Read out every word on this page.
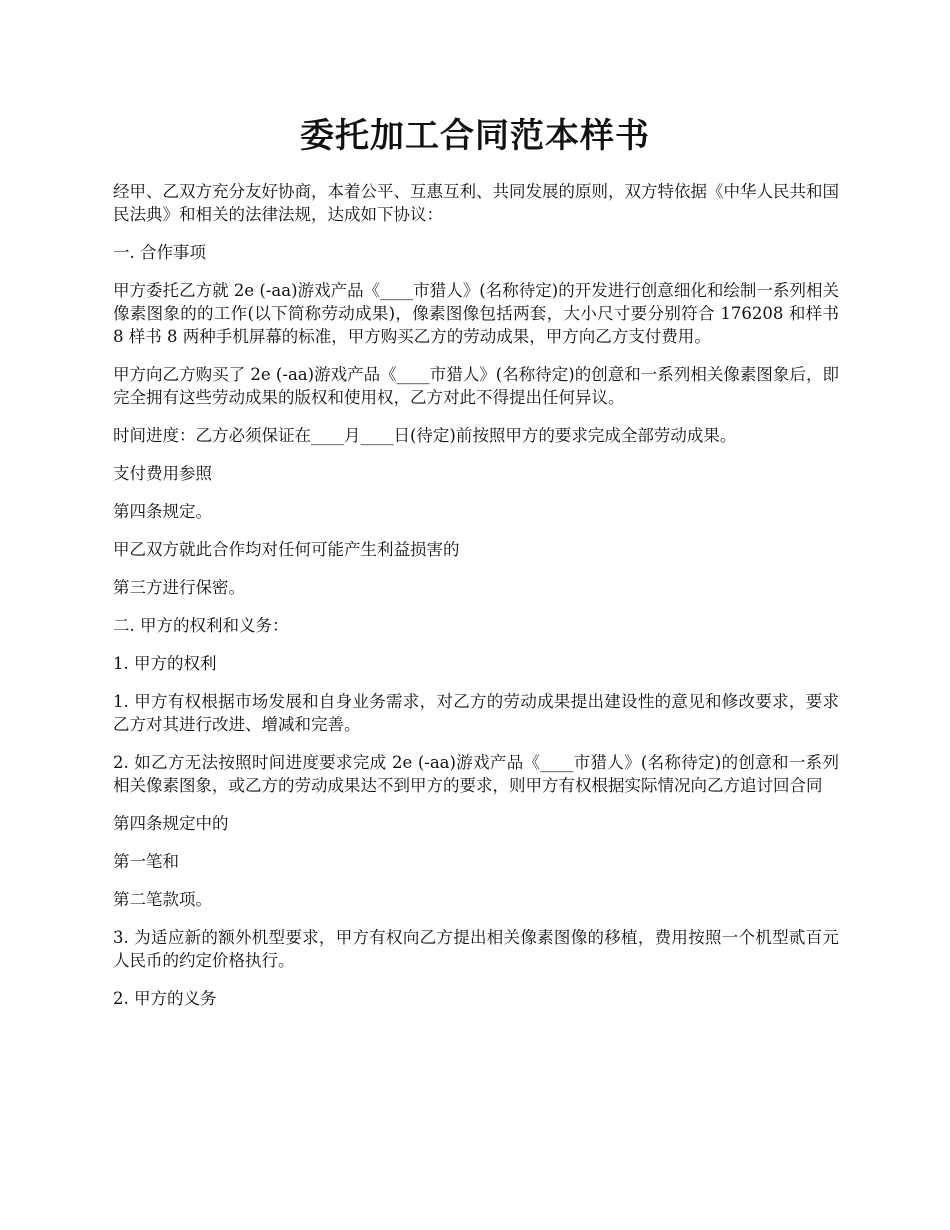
委托加工合同范本样书

经甲、乙双方充分友好协商，本着公平、互惠互利、共同发展的原则，双方特依据《中华人民共和国民法典》和相关的法律法规，达成如下协议：

一. 合作事项

甲方委托乙方就 2e (-aa)游戏产品《____市猎人》(名称待定)的开发进行创意细化和绘制一系列相关像素图象的的工作(以下简称劳动成果)，像素图像包括两套，大小尺寸要分别符合 176208 和样书 8 样书 8 两种手机屏幕的标准，甲方购买乙方的劳动成果，甲方向乙方支付费用。

甲方向乙方购买了 2e (-aa)游戏产品《____市猎人》(名称待定)的创意和一系列相关像素图象后，即完全拥有这些劳动成果的版权和使用权，乙方对此不得提出任何异议。

时间进度：乙方必须保证在____月____日(待定)前按照甲方的要求完成全部劳动成果。

支付费用参照

第四条规定。

甲乙双方就此合作均对任何可能产生利益损害的

第三方进行保密。

二. 甲方的权利和义务：

1. 甲方的权利

1. 甲方有权根据市场发展和自身业务需求，对乙方的劳动成果提出建设性的意见和修改要求，要求乙方对其进行改进、增减和完善。

2. 如乙方无法按照时间进度要求完成 2e (-aa)游戏产品《____市猎人》(名称待定)的创意和一系列相关像素图象，或乙方的劳动成果达不到甲方的要求，则甲方有权根据实际情况向乙方追讨回合同

第四条规定中的

第一笔和

第二笔款项。

3. 为适应新的额外机型要求，甲方有权向乙方提出相关像素图像的移植，费用按照一个机型贰百元人民币的约定价格执行。

2. 甲方的义务
